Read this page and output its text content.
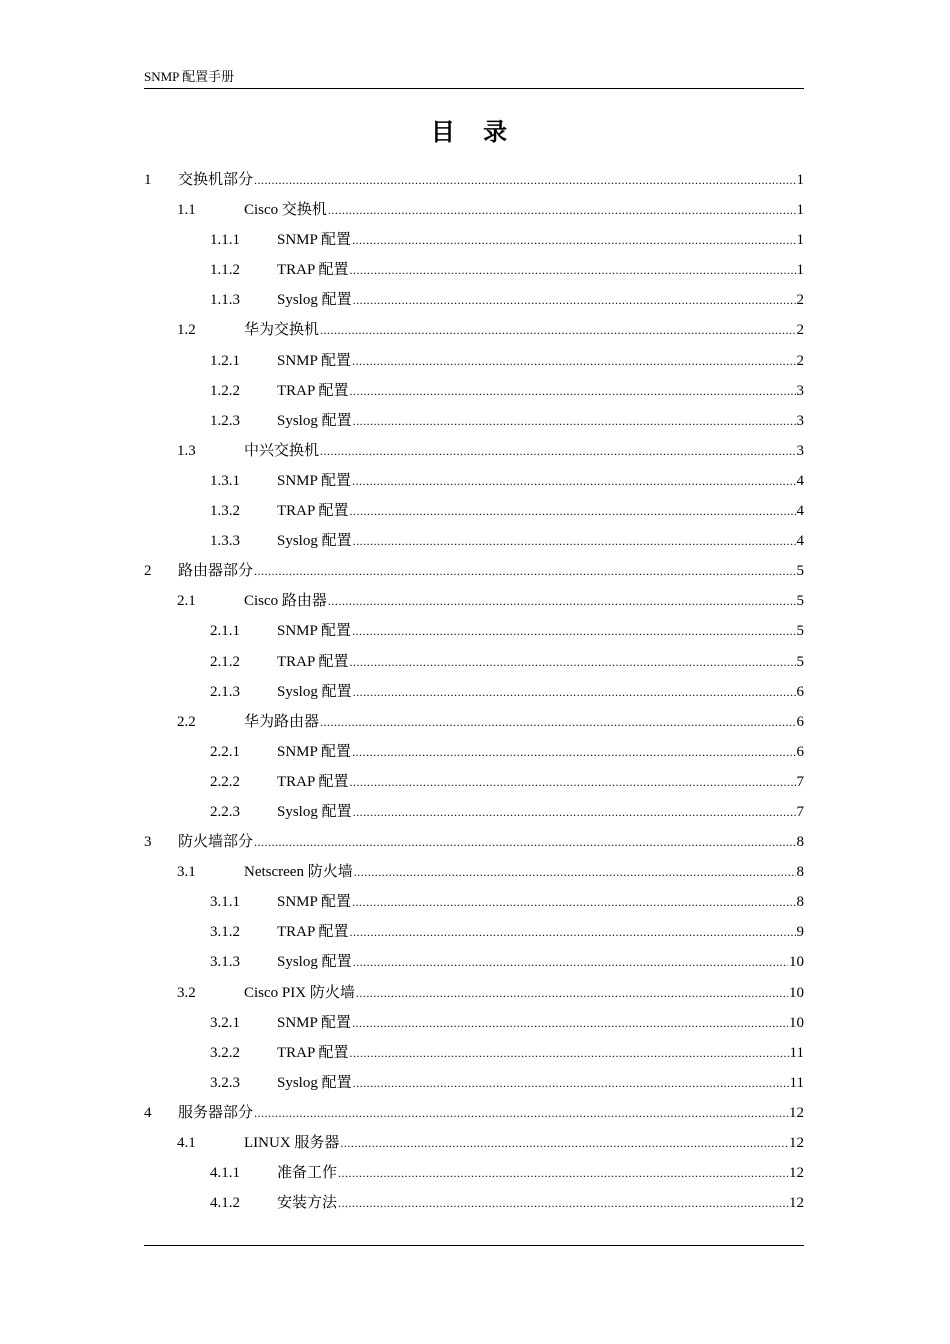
SNMP 配置手册
目 录
1	交换机部分 .....	1
1.1	Cisco 交换机 .....	1
1.1.1	SNMP 配置 .....	1
1.1.2	TRAP 配置 .....	1
1.1.3	Syslog 配置 .....	2
1.2	华为交换机 .....	2
1.2.1	SNMP 配置 .....	2
1.2.2	TRAP 配置 .....	3
1.2.3	Syslog 配置 .....	3
1.3	中兴交换机 .....	3
1.3.1	SNMP 配置 .....	4
1.3.2	TRAP 配置 .....	4
1.3.3	Syslog 配置 .....	4
2	路由器部分 .....	5
2.1	Cisco 路由器 .....	5
2.1.1	SNMP 配置 .....	5
2.1.2	TRAP 配置 .....	5
2.1.3	Syslog 配置 .....	6
2.2	华为路由器 .....	6
2.2.1	SNMP 配置 .....	6
2.2.2	TRAP 配置 .....	7
2.2.3	Syslog 配置 .....	7
3	防火墙部分 .....	8
3.1	Netscreen 防火墙 .....	8
3.1.1	SNMP 配置 .....	8
3.1.2	TRAP 配置 .....	9
3.1.3	Syslog 配置 .....	10
3.2	Cisco PIX 防火墙 .....	10
3.2.1	SNMP 配置 .....	10
3.2.2	TRAP 配置 .....	11
3.2.3	Syslog 配置 .....	11
4	服务器部分 .....	12
4.1	LINUX 服务器 .....	12
4.1.1	准备工作 .....	12
4.1.2	安装方法 .....	12
